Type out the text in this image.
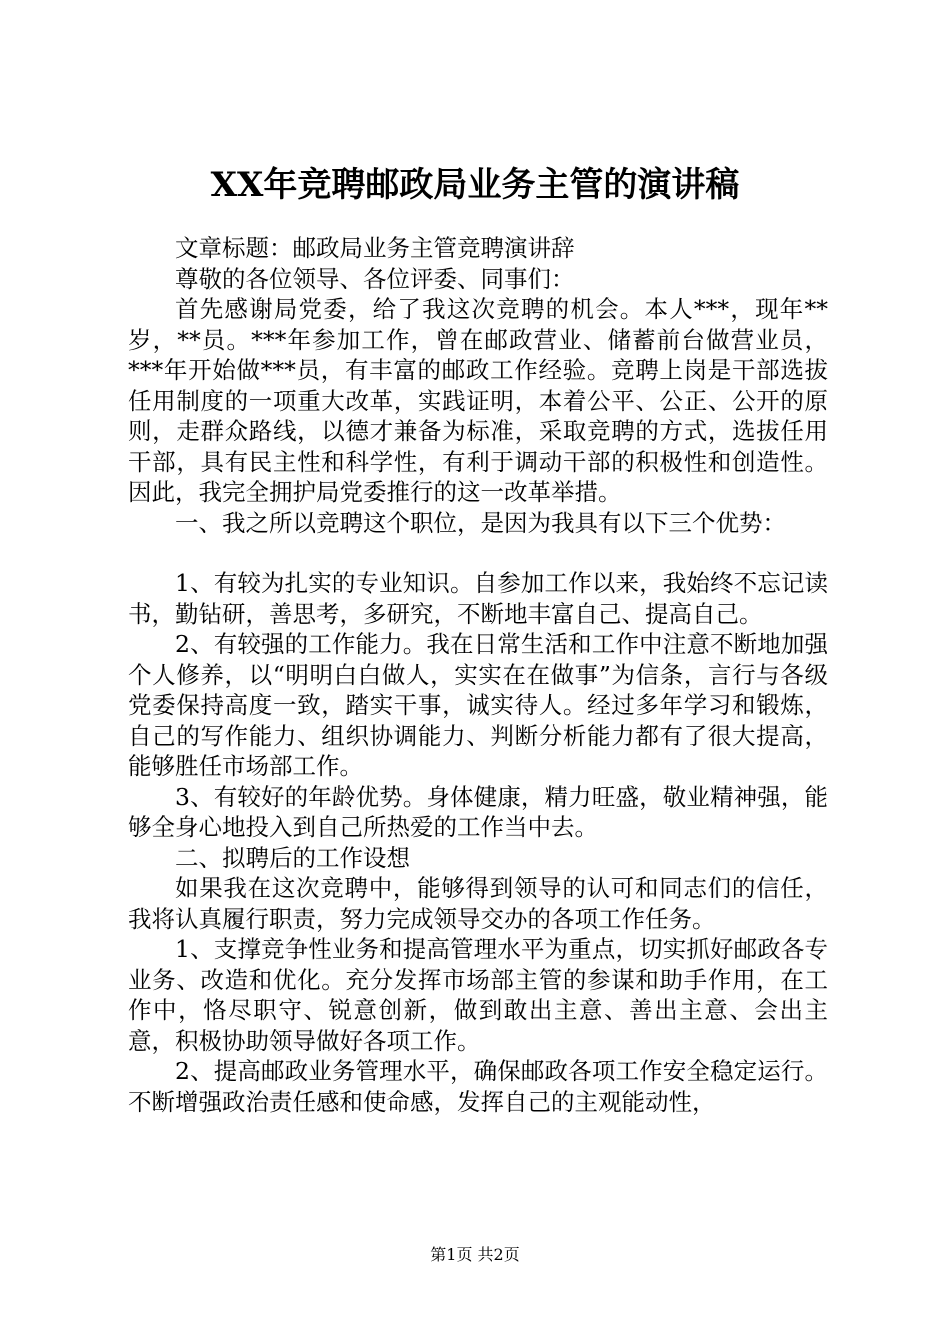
XX年竞聘邮政局业务主管的演讲稿

文章标题：邮政局业务主管竞聘演讲辞

尊敬的各位领导、各位评委、同事们：

首先感谢局党委，给了我这次竞聘的机会。本人***，现年**岁，**员。***年参加工作，曾在邮政营业、储蓄前台做营业员，***年开始做***员，有丰富的邮政工作经验。竞聘上岗是干部选拔任用制度的一项重大改革，实践证明，本着公平、公正、公开的原则，走群众路线，以德才兼备为标准，采取竞聘的方式，选拔任用干部，具有民主性和科学性，有利于调动干部的积极性和创造性。因此，我完全拥护局党委推行的这一改革举措。

一、我之所以竞聘这个职位，是因为我具有以下三个优势：

1、有较为扎实的专业知识。自参加工作以来，我始终不忘记读书，勤钻研，善思考，多研究，不断地丰富自己、提高自己。

2、有较强的工作能力。我在日常生活和工作中注意不断地加强个人修养，以“明明白白做人，实实在在做事”为信条，言行与各级党委保持高度一致，踏实干事，诚实待人。经过多年学习和锻炼，自己的写作能力、组织协调能力、判断分析能力都有了很大提高，能够胜任市场部工作。

3、有较好的年龄优势。身体健康，精力旺盛，敬业精神强，能够全身心地投入到自己所热爱的工作当中去。

二、拟聘后的工作设想

如果我在这次竞聘中，能够得到领导的认可和同志们的信任，我将认真履行职责，努力完成领导交办的各项工作任务。

1、支撑竞争性业务和提高管理水平为重点，切实抓好邮政各专业务、改造和优化。充分发挥市场部主管的参谋和助手作用，在工作中，恪尽职守、锐意创新，做到敢出主意、善出主意、会出主意，积极协助领导做好各项工作。

2、提高邮政业务管理水平，确保邮政各项工作安全稳定运行。不断增强政治责任感和使命感，发挥自己的主观能动性，

第1页 共2页
